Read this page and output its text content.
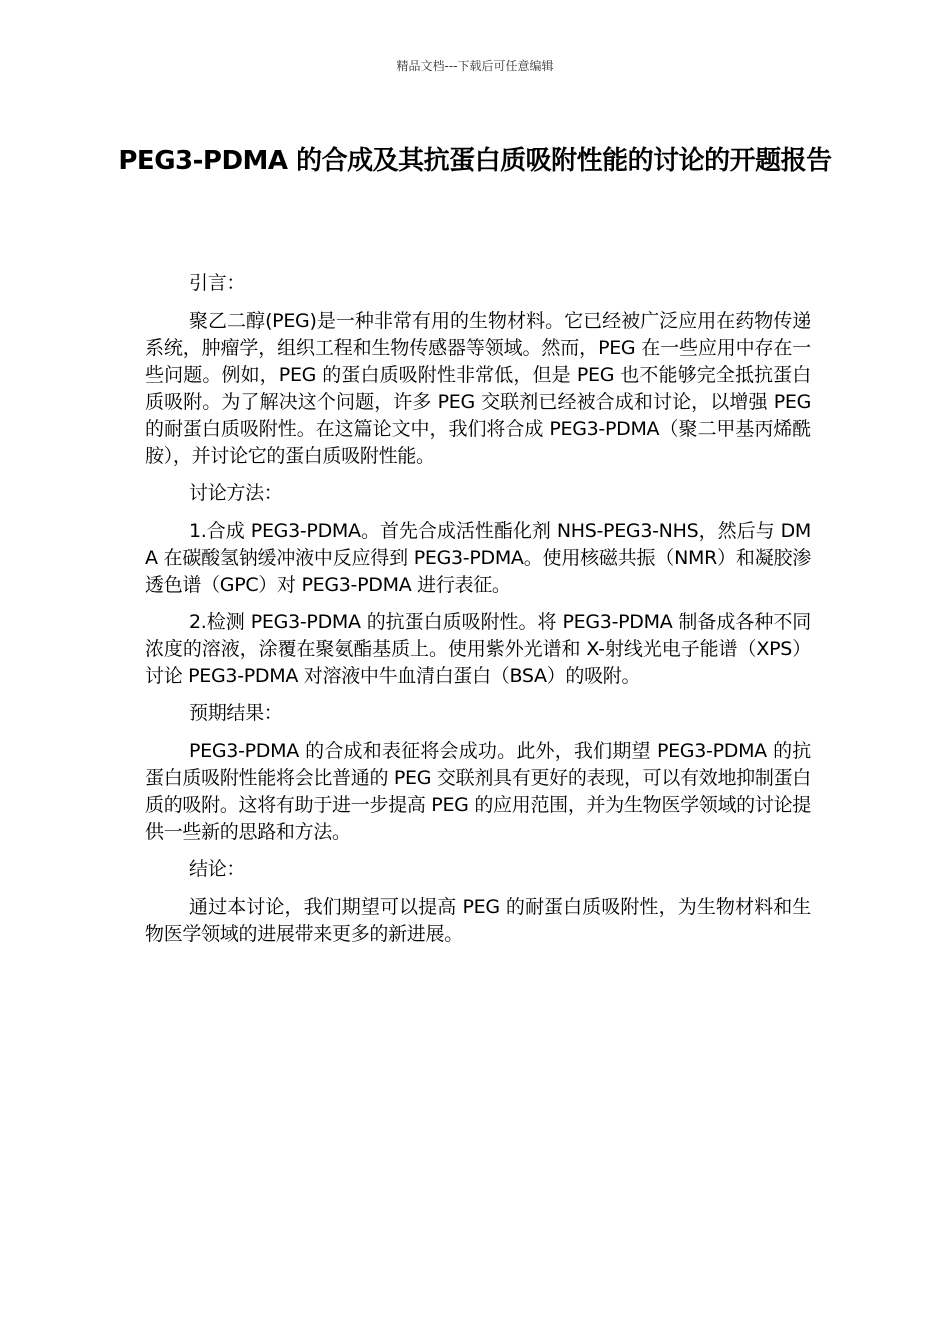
精品文档---下载后可任意编辑
PEG3-PDMA 的合成及其抗蛋白质吸附性能的讨论的开题报告
引言：

聚乙二醇(PEG)是一种非常有用的生物材料。它已经被广泛应用在药物传递系统，肿瘤学，组织工程和生物传感器等领域。然而，PEG 在一些应用中存在一些问题。例如，PEG 的蛋白质吸附性非常低，但是 PEG 也不能够完全抵抗蛋白质吸附。为了解决这个问题，许多 PEG 交联剂已经被合成和讨论，以增强 PEG 的耐蛋白质吸附性。在这篇论文中，我们将合成 PEG3-PDMA（聚二甲基丙烯酰胺），并讨论它的蛋白质吸附性能。

讨论方法：

1.合成 PEG3-PDMA。首先合成活性酯化剂 NHS-PEG3-NHS，然后与 DMA 在碳酸氢钠缓冲液中反应得到 PEG3-PDMA。使用核磁共振（NMR）和凝胶渗透色谱（GPC）对 PEG3-PDMA 进行表征。

2.检测 PEG3-PDMA 的抗蛋白质吸附性。将 PEG3-PDMA 制备成各种不同浓度的溶液，涂覆在聚氨酯基质上。使用紫外光谱和 X-射线光电子能谱（XPS）讨论 PEG3-PDMA 对溶液中牛血清白蛋白（BSA）的吸附。

预期结果：

PEG3-PDMA 的合成和表征将会成功。此外，我们期望 PEG3-PDMA 的抗蛋白质吸附性能将会比普通的 PEG 交联剂具有更好的表现，可以有效地抑制蛋白质的吸附。这将有助于进一步提高 PEG 的应用范围，并为生物医学领域的讨论提供一些新的思路和方法。

结论：

通过本讨论，我们期望可以提高 PEG 的耐蛋白质吸附性，为生物材料和生物医学领域的进展带来更多的新进展。
